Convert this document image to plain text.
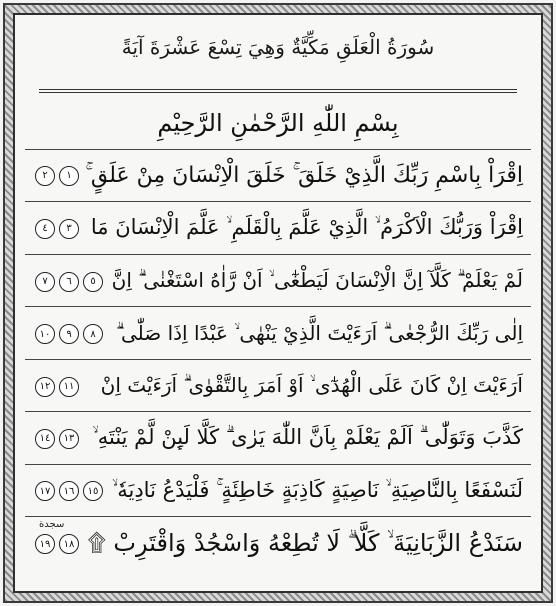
سُورَةُ الْعَلَقِ مَكِّيَّةٌ وَهِيَ تِسْعَ عَشْرَةَ آيَةً
بِسْمِ اللّٰهِ الرَّحْمٰنِ الرَّحِيْمِ
اِقْرَاْ بِاسْمِ رَبِّكَ الَّذِيْ خَلَقَ ۚ خَلَقَ الْاِنْسَانَ مِنْ عَلَقٍ ۚ
١٢
اِقْرَاْ وَرَبُّكَ الْاَكْرَمُ ۙ الَّذِيْ عَلَّمَ بِالْقَلَمِ ۙ عَلَّمَ الْاِنْسَانَ مَا
٣٤
لَمْ يَعْلَمْ ۗ كَلَّآ اِنَّ الْاِنْسَانَ لَيَطْغٰٓى ۙ اَنْ رَّاٰهُ اسْتَغْنٰى ۗ اِنَّ
٥٦٧
اِلٰى رَبِّكَ الرُّجْعٰى ۗ اَرَءَيْتَ الَّذِيْ يَنْهٰى ۙ عَبْدًا اِذَا صَلّٰى ۗ
٨٩١٠
اَرَءَيْتَ اِنْ كَانَ عَلَى الْهُدٰٓى ۙ اَوْ اَمَرَ بِالتَّقْوٰى ۗ اَرَءَيْتَ اِنْ
١١١٢
كَذَّبَ وَتَوَلّٰى ۗ اَلَمْ يَعْلَمْ بِاَنَّ اللّٰهَ يَرٰى ۗ كَلَّا لَىِٕنْ لَّمْ يَنْتَهِ ۙ
١٣١٤
لَنَسْفَعًا بِالنَّاصِيَةِ ۙ نَاصِيَةٍ كَاذِبَةٍ خَاطِئَةٍ ۚ فَلْيَدْعُ نَادِيَهٗ ۙ
١٥١٦١٧
سَنَدْعُ الزَّبَانِيَةَ ۙ كَلَّا ۗ لَا تُطِعْهُ وَاسْجُدْ وَاقْتَرِبْ ۩
سجدة
١٨١٩
